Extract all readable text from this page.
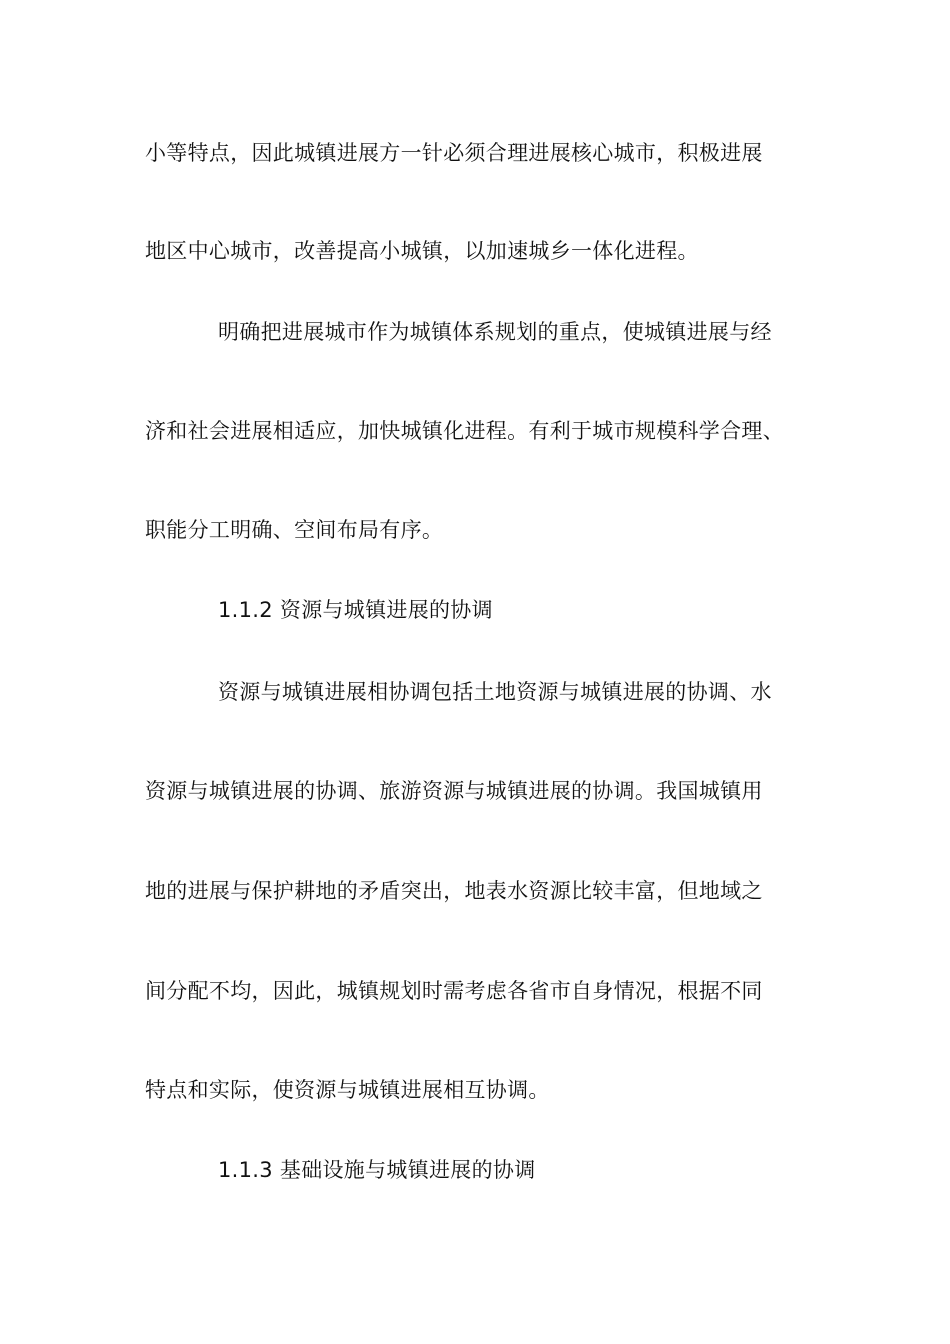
小等特点，因此城镇进展方一针必须合理进展核心城市，积极进展
地区中心城市，改善提高小城镇，以加速城乡一体化进程。
明确把进展城市作为城镇体系规划的重点，使城镇进展与经
济和社会进展相适应，加快城镇化进程。有利于城市规模科学合理、
职能分工明确、空间布局有序。
1.1.2 资源与城镇进展的协调
资源与城镇进展相协调包括土地资源与城镇进展的协调、水
资源与城镇进展的协调、旅游资源与城镇进展的协调。我国城镇用
地的进展与保护耕地的矛盾突出，地表水资源比较丰富，但地域之
间分配不均，因此，城镇规划时需考虑各省市自身情况，根据不同
特点和实际，使资源与城镇进展相互协调。
1.1.3 基础设施与城镇进展的协调
